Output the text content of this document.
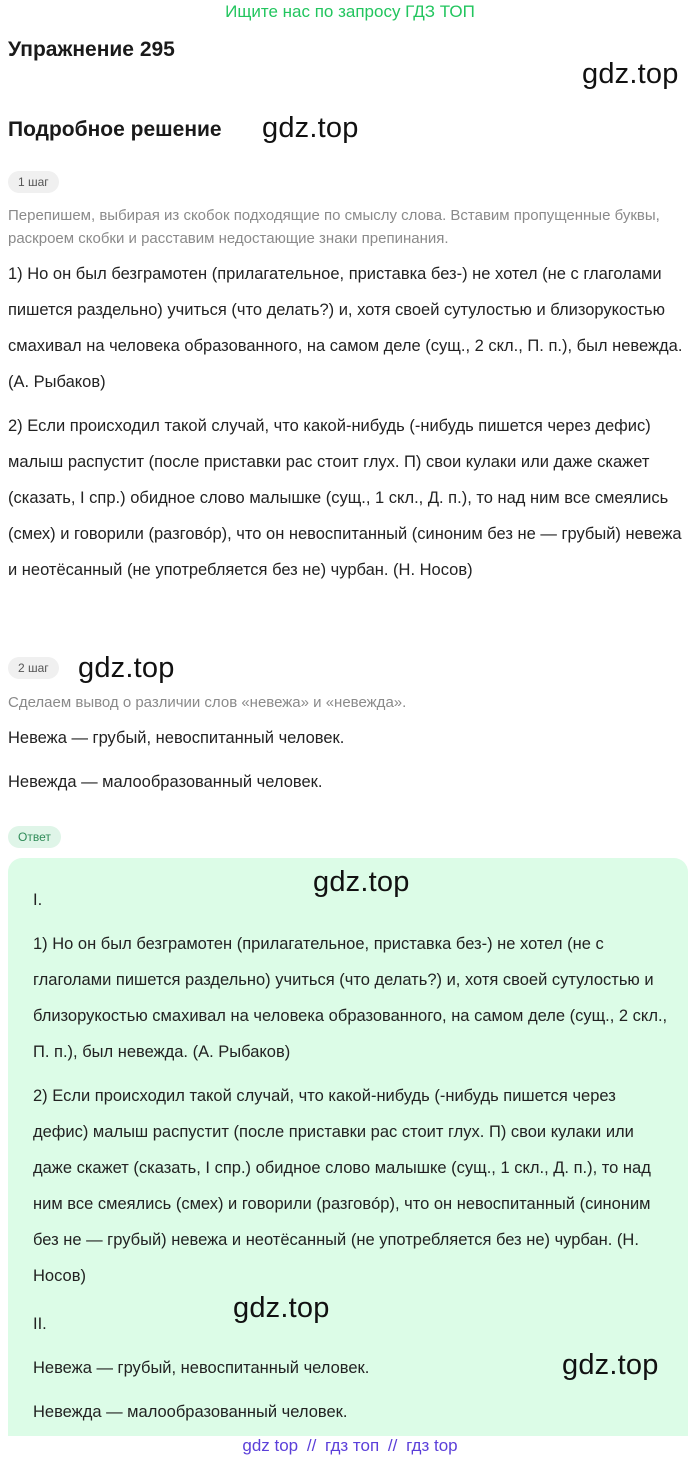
Ищите нас по запросу ГДЗ ТОП
Упражнение 295
gdz.top
Подробное решение gdz.top
1 шаг
Перепишем, выбирая из скобок подходящие по смыслу слова. Вставим пропущенные буквы, раскроем скобки и расставим недостающие знаки препинания.

1) Но он был безграмотен (прилагательное, приставка без-) не хотел (не с глаголами пишется раздельно) учиться (что делать?) и, хотя своей сутулостью и близорукостью смахивал на человека образованного, на самом деле (сущ., 2 скл., П. п.), был невежда. (А. Рыбаков)

2) Если происходил такой случай, что какой-нибудь (-нибудь пишется через дефис) малыш распустит (после приставки рас стоит глух. П) свои кулаки или даже скажет (сказать, I спр.) обидное слово малышке (сущ., 1 скл., Д. п.), то над ним все смеялись (смех) и говорили (разговóр), что он невоспитанный (синоним без не — грубый) невежа и неотёсанный (не употребляется без не) чурбан. (Н. Носов)

2 шаг	gdz.top
Сделаем вывод о различии слов «невежа» и «невежда».

Невежа — грубый, невоспитанный человек.

Невежда — малообразованный человек.

Ответ
gdz.top

I.

1) Но он был безграмотен (прилагательное, приставка без-) не хотел (не с глаголами пишется раздельно) учиться (что делать?) и, хотя своей сутулостью и близорукостью смахивал на человека образованного, на самом деле (сущ., 2 скл., П. п.), был невежда. (А. Рыбаков)

2) Если происходил такой случай, что какой-нибудь (-нибудь пишется через дефис) малыш распустит (после приставки рас стоит глух. П) свои кулаки или даже скажет (сказать, I спр.) обидное слово малышке (сущ., 1 скл., Д. п.), то над ним все смеялись (смех) и говорили (разговóр), что он невоспитанный (синоним без не — грубый) невежа и неотёсанный (не употребляется без не) чурбан. (Н. Носов)

gdz.top

II.

Невежа — грубый, невоспитанный человек.

Невежда — малообразованный человек.

gdz.top
gdz top // гдз топ // гдз top
